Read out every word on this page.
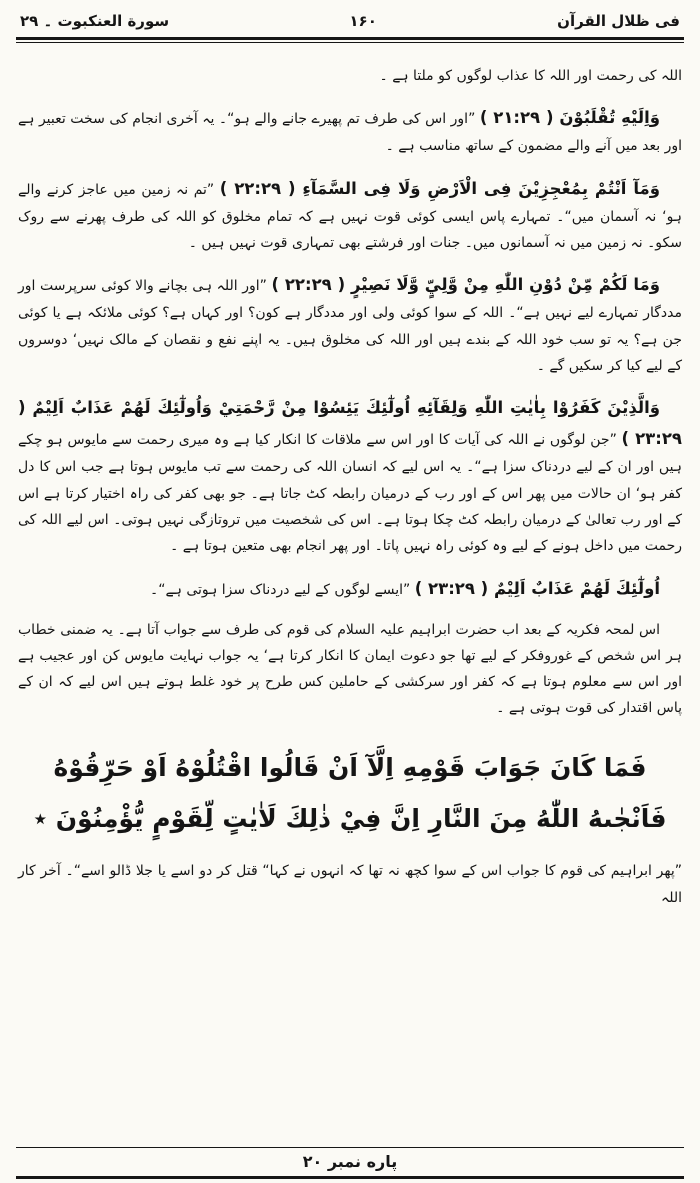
فی ظلال القرآن
۱۶۰
سورة العنكبوت ۔ ۲۹

اللہ کی رحمت اور اللہ کا عذاب لوگوں کو ملتا ہے ۔

وَاِلَيْهِ تُقْلَبُوْنَ ( ۲۱:۲۹ ) ”اور اس کی طرف تم پھیرے جانے والے ہو“۔ یہ آخری انجام کی سخت تعبیر ہے اور بعد میں آنے والے مضمون کے ساتھ مناسب ہے ۔

وَمَآ اَنْتُمْ بِمُعْجِزِيْنَ فِی الْاَرْضِ وَلَا فِی السَّمَآءِ ( ۲۲:۲۹ ) ”تم نہ زمین میں عاجز کرنے والے ہو‘ نہ آسمان میں“۔ تمہارے پاس ایسی کوئی قوت نہیں ہے کہ تمام مخلوق کو اللہ کی طرف پھرنے سے روک سکو۔ نہ زمین میں نہ آسمانوں میں۔ جنات اور فرشتے بھی تمہاری قوت نہیں ہیں ۔

وَمَا لَكُمْ مِّنْ دُوْنِ اللّٰهِ مِنْ وَّلِيٍّ وَّلَا نَصِيْرٍ ( ۲۲:۲۹ ) ”اور اللہ ہی بچانے والا کوئی سرپرست اور مددگار تمہارے لیے نہیں ہے“۔ اللہ کے سوا کوئی ولی اور مددگار ہے کون؟ اور کہاں ہے؟ کوئی ملائکہ ہے یا کوئی جن ہے؟ یہ تو سب خود اللہ کے بندے ہیں اور اللہ کی مخلوق ہیں۔ یہ اپنے نفع و نقصان کے مالک نہیں‘ دوسروں کے لیے کیا کر سکیں گے ۔

وَالَّذِيْنَ كَفَرُوْا بِاٰيٰتِ اللّٰهِ وَلِقَآئِهِ اُولٰٓئِكَ يَئِسُوْا مِنْ رَّحْمَتِيْ وَاُولٰٓئِكَ لَهُمْ عَذَابٌ اَلِيْمٌ ( ۲۳:۲۹ ) ”جن لوگوں نے اللہ کی آیات کا اور اس سے ملاقات کا انکار کیا ہے وہ میری رحمت سے مایوس ہو چکے ہیں اور ان کے لیے دردناک سزا ہے“۔ یہ اس لیے کہ انسان اللہ کی رحمت سے تب مایوس ہوتا ہے جب اس کا دل کفر ہو‘ ان حالات میں پھر اس کے اور رب کے درمیان رابطہ کٹ جاتا ہے۔ جو بھی کفر کی راہ اختیار کرتا ہے اس کے اور رب تعالیٰ کے درمیان رابطہ کٹ چکا ہوتا ہے۔ اس کی شخصیت میں تروتازگی نہیں ہوتی۔ اس لیے اللہ کی رحمت میں داخل ہونے کے لیے وہ کوئی راہ نہیں پاتا۔ اور پھر انجام بھی متعین ہوتا ہے ۔

اُولٰٓئِكَ لَهُمْ عَذَابٌ اَلِيْمٌ ( ۲۳:۲۹ ) ”ایسے لوگوں کے لیے دردناک سزا ہوتی ہے“۔

اس لمحہ فکریہ کے بعد اب حضرت ابراہیم علیہ السلام کی قوم کی طرف سے جواب آتا ہے۔ یہ ضمنی خطاب ہر اس شخص کے غوروفکر کے لیے تھا جو دعوت ایمان کا انکار کرتا ہے‘ یہ جواب نہایت مایوس کن اور عجیب ہے اور اس سے معلوم ہوتا ہے کہ کفر اور سرکشی کے حاملین کس طرح پر خود غلط ہوتے ہیں اس لیے کہ ان کے پاس اقتدار کی قوت ہوتی ہے ۔

فَمَا كَانَ جَوَابَ قَوْمِهِ اِلَّآ اَنْ قَالُوا اقْتُلُوْهُ اَوْ حَرِّقُوْهُ فَاَنْجٰىهُ اللّٰهُ مِنَ النَّارِ اِنَّ فِيْ ذٰلِكَ لَاٰيٰتٍ لِّقَوْمٍ يُّؤْمِنُوْنَ ٭

”پھر ابراہیم کی قوم کا جواب اس کے سوا کچھ نہ تھا کہ انہوں نے کہا“ قتل کر دو اسے یا جلا ڈالو اسے“۔ آخر کار اللہ

پاره نمبر ۲۰
